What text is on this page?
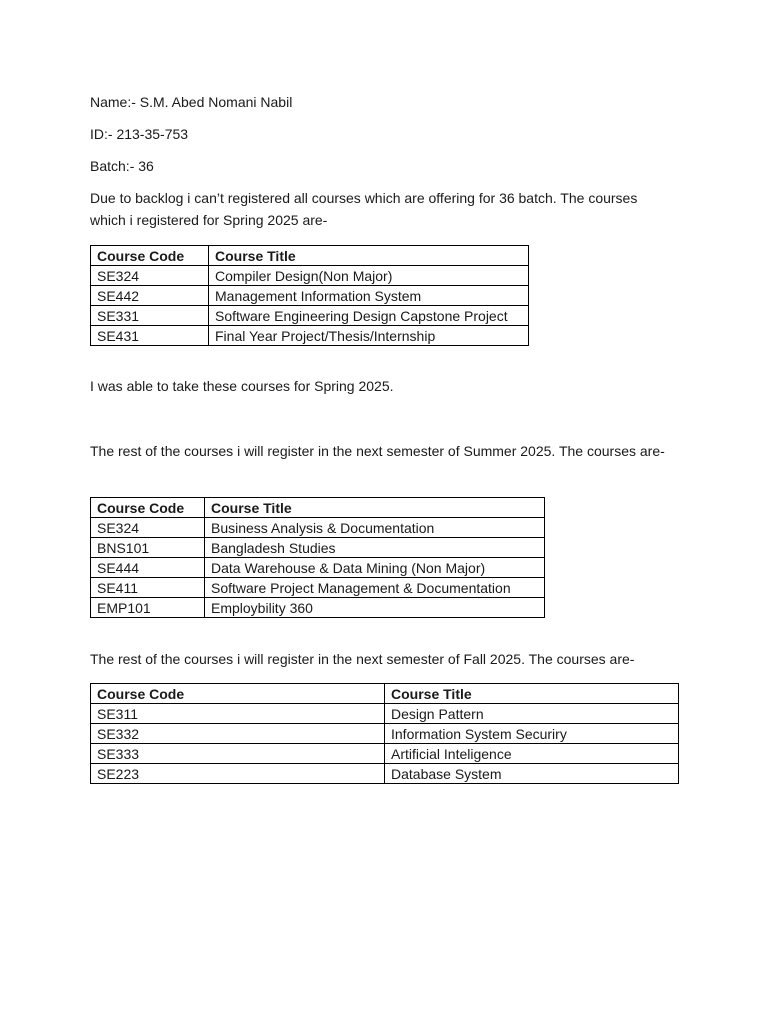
Name:- S.M. Abed Nomani Nabil
ID:- 213-35-753
Batch:- 36
Due to backlog i can’t registered all courses which are offering for 36 batch. The courses which i registered for Spring 2025 are-
Course Code	Course Title
SE324	Compiler Design(Non Major)
SE442	Management Information System
SE331	Software Engineering Design Capstone Project
SE431	Final Year Project/Thesis/Internship
I was able to take these courses for Spring 2025.
The rest of the courses i will register in the next semester of Summer 2025. The courses are-
Course Code	Course Title
SE324	Business Analysis & Documentation
BNS101	Bangladesh Studies
SE444	Data Warehouse & Data Mining (Non Major)
SE411	Software Project Management & Documentation
EMP101	Employbility 360
The rest of the courses i will register in the next semester of Fall 2025. The courses are-
Course Code	Course Title
SE311	Design Pattern
SE332	Information System Securiry
SE333	Artificial Inteligence
SE223	Database System
